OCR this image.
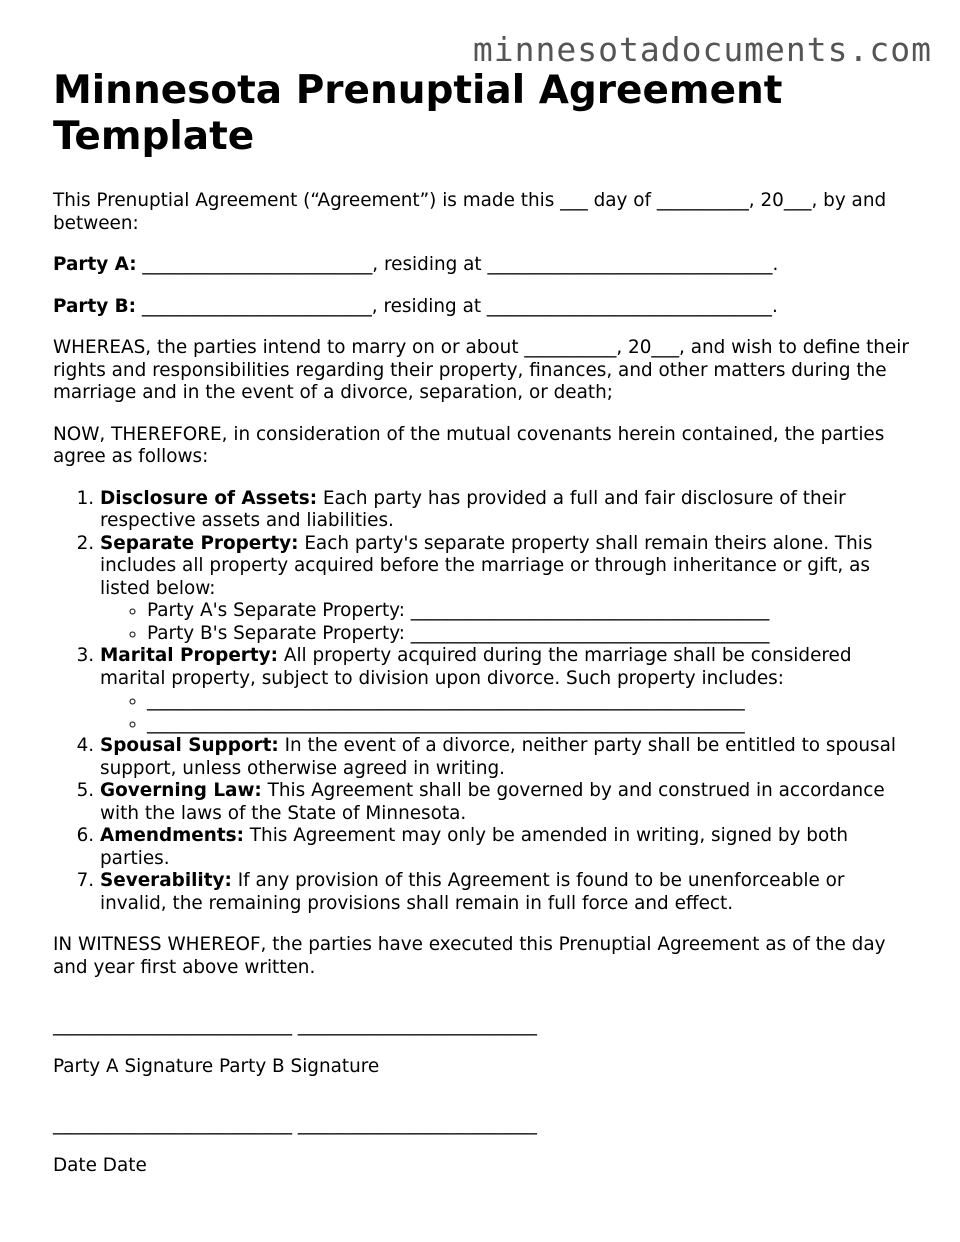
minnesotadocuments.com
Minnesota Prenuptial Agreement Template

This Prenuptial Agreement (“Agreement”) is made this ___ day of __________, 20___, by and between:

Party A: _________________________, residing at _______________________________.

Party B: _________________________, residing at _______________________________.

WHEREAS, the parties intend to marry on or about __________, 20___, and wish to define their rights and responsibilities regarding their property, finances, and other matters during the marriage and in the event of a divorce, separation, or death;

NOW, THEREFORE, in consideration of the mutual covenants herein contained, the parties agree as follows:

1. Disclosure of Assets: Each party has provided a full and fair disclosure of their respective assets and liabilities.
2. Separate Property: Each party's separate property shall remain theirs alone. This includes all property acquired before the marriage or through inheritance or gift, as listed below:
◦ Party A's Separate Property: _______________________________________
◦ Party B's Separate Property: _______________________________________
3. Marital Property: All property acquired during the marriage shall be considered marital property, subject to division upon divorce. Such property includes:
◦ _________________________________________________________________
◦ _________________________________________________________________
4. Spousal Support: In the event of a divorce, neither party shall be entitled to spousal support, unless otherwise agreed in writing.
5. Governing Law: This Agreement shall be governed by and construed in accordance with the laws of the State of Minnesota.
6. Amendments: This Agreement may only be amended in writing, signed by both parties.
7. Severability: If any provision of this Agreement is found to be unenforceable or invalid, the remaining provisions shall remain in full force and effect.

IN WITNESS WHEREOF, the parties have executed this Prenuptial Agreement as of the day and year first above written.

__________________________ __________________________

Party A Signature Party B Signature

__________________________ __________________________

Date Date
